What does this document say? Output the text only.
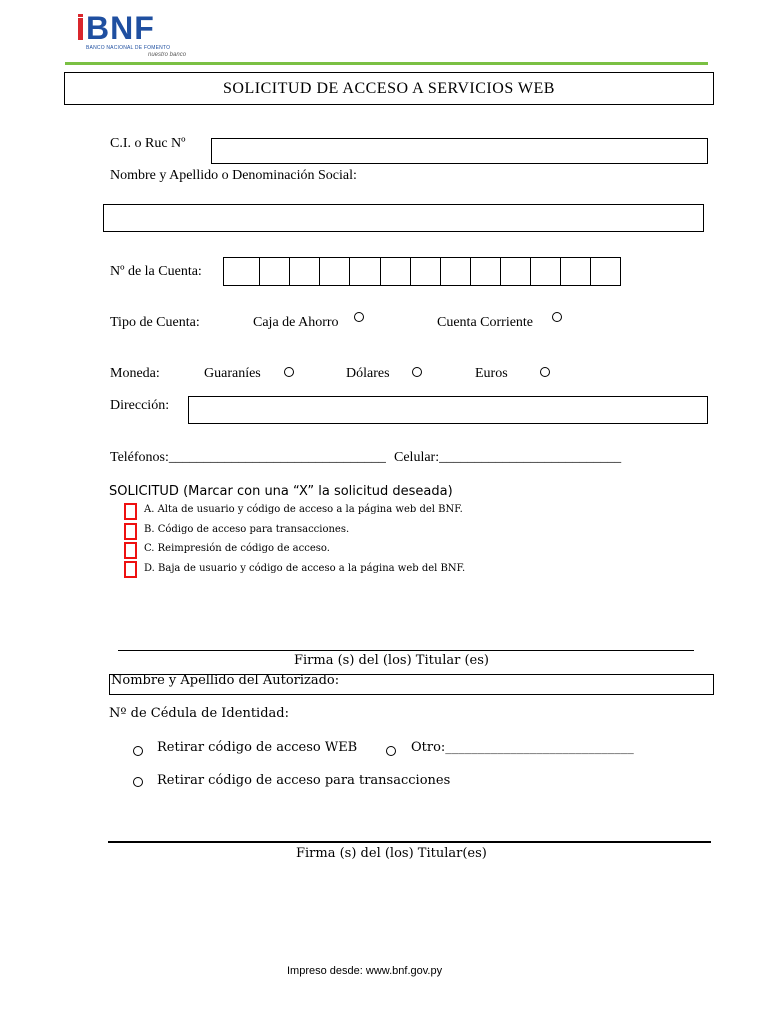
BNF
BANCO NACIONAL DE FOMENTO
nuestro banco
SOLICITUD DE ACCESO A SERVICIOS WEB
C.I. o Ruc Nº
Nombre y Apellido o Denominación Social:
Nº de la Cuenta:
Tipo de Cuenta:	Caja de Ahorro	Cuenta Corriente
Moneda:	Guaraníes	Dólares	Euros
Dirección:
Teléfonos:_______________________________ Celular:__________________________
SOLICITUD (Marcar con una “X” la solicitud deseada)
A. Alta de usuario y código de acceso a la página web del BNF.
B. Código de acceso para transacciones.
C. Reimpresión de código de acceso.
D. Baja de usuario y código de acceso a la página web del BNF.
Firma (s) del (los) Titular (es)
Nombre y Apellido del Autorizado:
Nº de Cédula de Identidad:
Retirar código de acceso WEB	Otro:_____________________________
Retirar código de acceso para transacciones
Firma (s) del (los) Titular(es)
Impreso desde: www.bnf.gov.py
